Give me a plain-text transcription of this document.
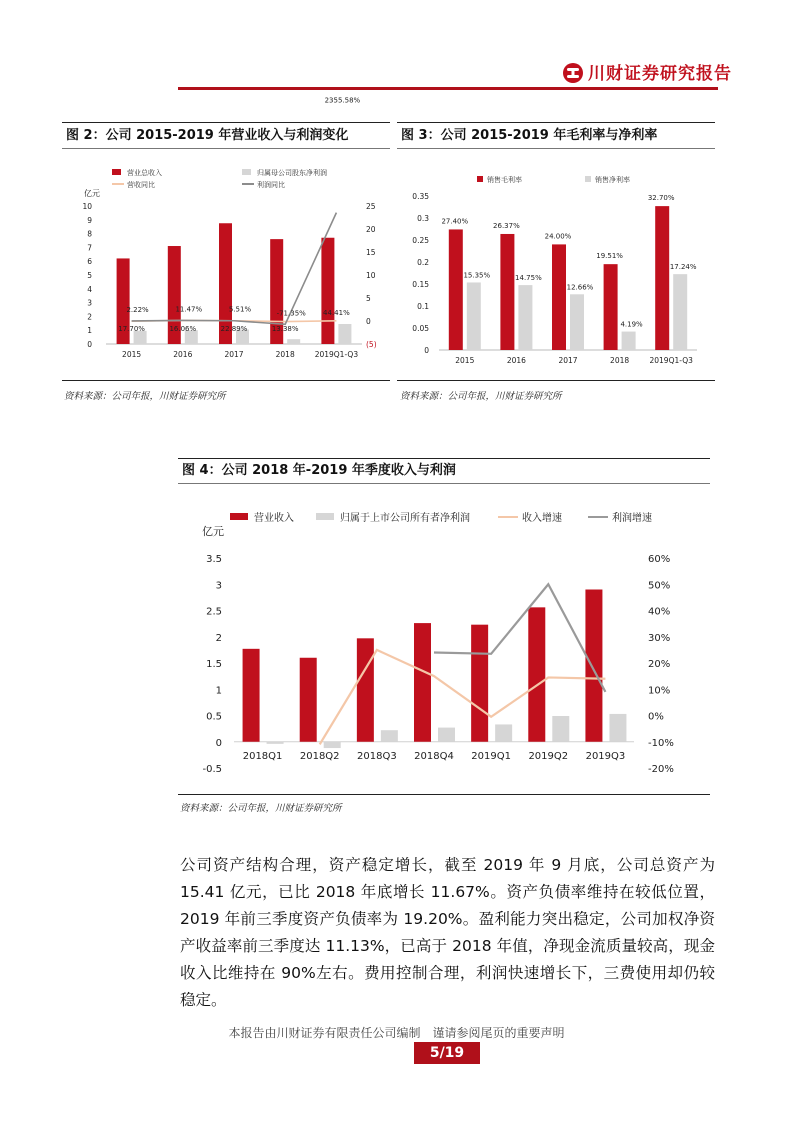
川财证券研究报告
图 2：公司 2015-2019 年营业收入与利润变化
营业总收入	归属母公司股东净利润
营收同比	利润同比
亿元
0
1
2
3
4
5
6
7
8
9
10
(5)
0
5
10
15
20
25
2015	2016	2017	2018	2019Q1-Q3
17.70%
2.22%
16.06%
11.47%
22.89%
5.51%
13.38%
-71.35%
2355.58%
44.41%
资料来源：公司年报，川财证券研究所
图 3：公司 2015-2019 年毛利率与净利率
销售毛利率	销售净利率
0
0.05
0.1
0.15
0.2
0.25
0.3
0.35
2015
27.40%
15.35%
2016
26.37%
14.75%
2017
24.00%
12.66%
2018
19.51%
4.19%
2019Q1-Q3
32.70%
17.24%
资料来源：公司年报，川财证券研究所
图 4：公司 2018 年-2019 年季度收入与利润
营业收入	归属于上市公司所有者净利润	收入增速	利润增速
亿元
-0.5
0
0.5
1
1.5
2
2.5
3
3.5
-20%
-10%
0%
10%
20%
30%
40%
50%
60%
2018Q1 2018Q2 2018Q3 2018Q4 2019Q1 2019Q2 2019Q3
资料来源：公司年报，川财证券研究所
公司资产结构合理，资产稳定增长，截至 2019 年 9 月底，公司总资产为 15.41 亿元，已比 2018 年底增长 11.67%。资产负债率维持在较低位置，2019 年前三季度资产负债率为 19.20%。盈利能力突出稳定，公司加权净资产收益率前三季度达 11.13%，已高于 2018 年值，净现金流质量较高，现金收入比维持在 90%左右。费用控制合理，利润快速增长下，三费使用却仍较稳定。
本报告由川财证券有限责任公司编制　谨请参阅尾页的重要声明
5/19
